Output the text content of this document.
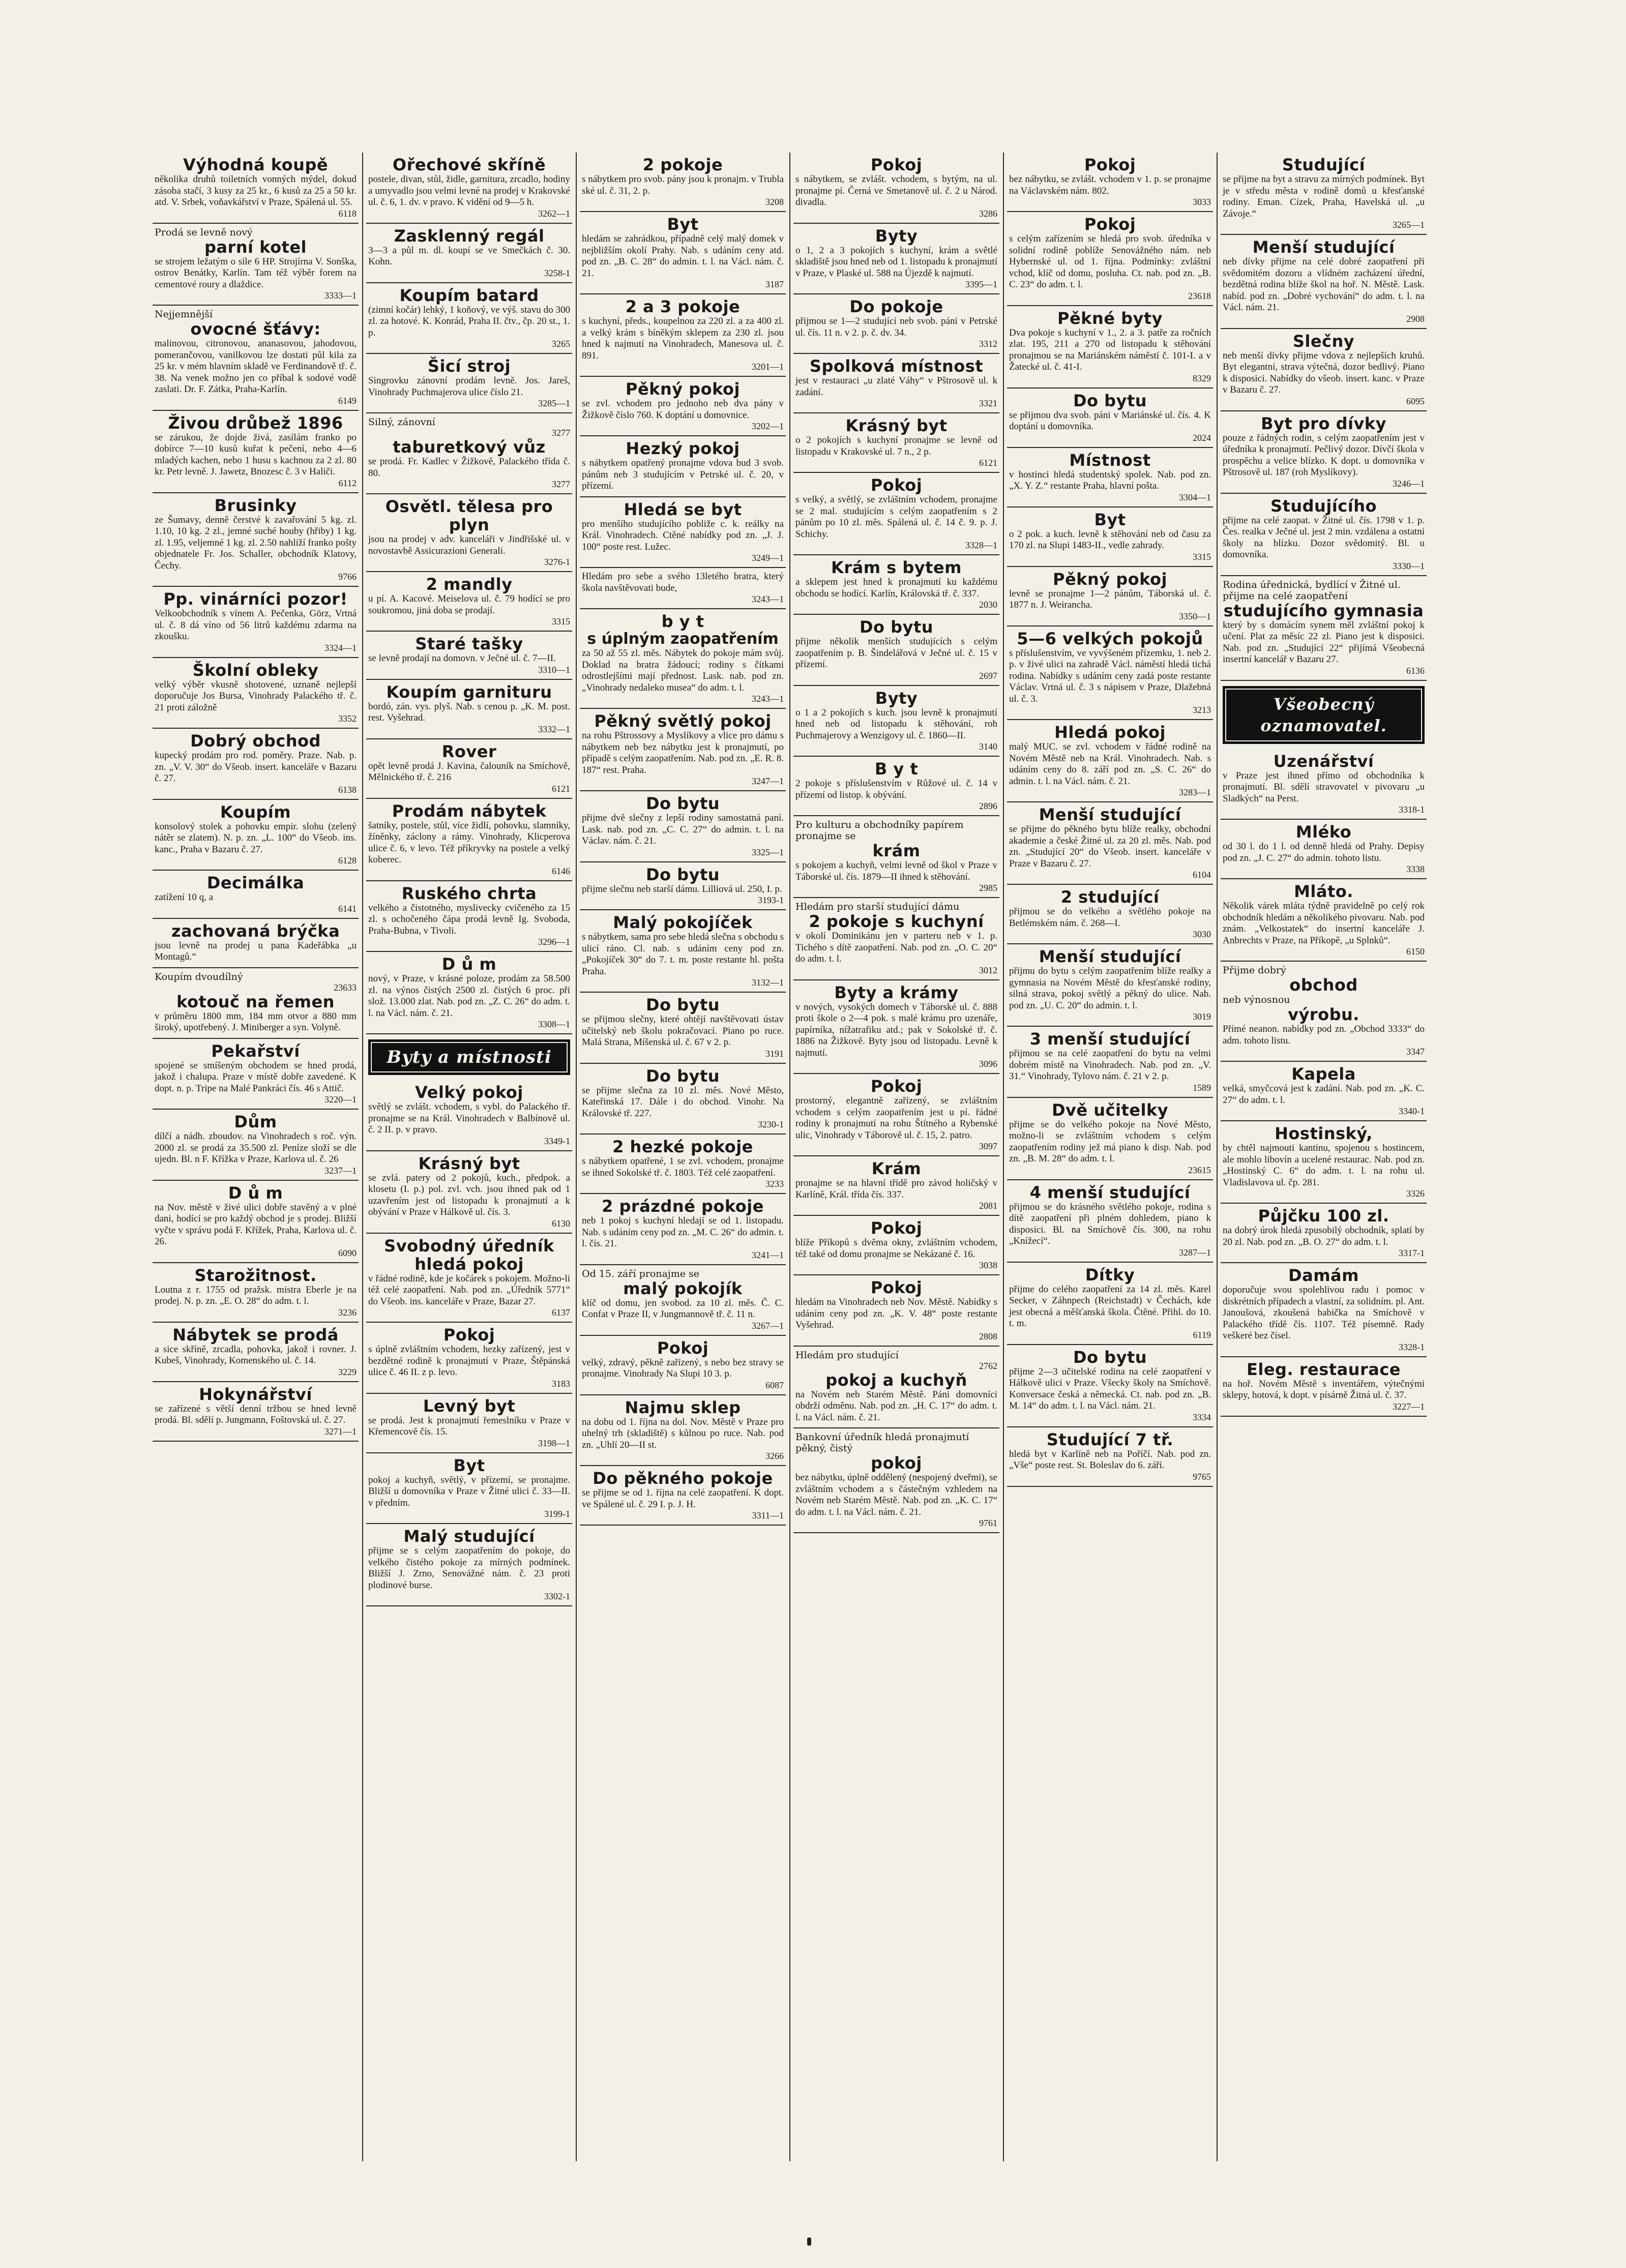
Výhodná koupě
několika druhů toiletních vonných mýdel, dokud zásoba stačí, 3 kusy za 25 kr., 6 kusů za 25 a 50 kr. atd. V. Srbek, voňavkářství v Praze, Spálená ul. 55.
6118
Prodá se levně nový
parní kotel
se strojem ležatým o síle 6 HP. Strojírna V. Sonška, ostrov Benátky, Karlín. Tam též výběr forem na cementové roury a dlaždice.
3333—1
Nejjemnější
ovocné šťávy:
malinovou, citronovou, ananasovou, jahodovou, pomerančovou, vanilkovou lze dostati půl kila za 25 kr. v mém hlavním skladě ve Ferdinandově tř. č. 38. Na venek možno jen co příbal k sodové vodě zaslati. Dr. F. Zátka, Praha-Karlín.
6149
Živou drůbež 1896
se zárukou, že dojde živá, zasílám franko po dobírce 7—10 kusů kuřat k pečení, nebo 4—6 mladých kachen, nebo 1 husu s kachnou za 2 zl. 80 kr. Petr levně. J. Jawetz, Bnozesc č. 3 v Haliči.
6112
Brusinky
ze Šumavy, denně čerstvé k zavařování 5 kg. zl. 1.10, 10 kg. 2 zl., jemné suché houby (hřiby) 1 kg. zl. 1.95, veljemné 1 kg. zl. 2.50 nahlíží franko pošty objednatele Fr. Jos. Schaller, obchodník Klatovy, Čechy.
9766
Pp. vinárníci pozor!
Velkoobchodník s vínem A. Pečenka, Görz, Vrtná ul. č. 8 dá víno od 56 litrů každému zdarma na zkoušku.
3324—1
Školní obleky
velký výběr vkusně shotovené, uznaně nejlepší doporučuje Jos Bursa, Vinohrady Palackého tř. č. 21 proti záložně
3352
Dobrý obchod
kupecký prodám pro rod. poměry. Praze. Nab. p. zn. „V. V. 30“ do Všeob. insert. kanceláře v Bazaru č. 27.
6138
Koupím
konsolový stolek a pohovku empir. slohu (zelený nátěr se zlatem). N. p. zn. „L. 100“ do Všeob. ins. kanc., Praha v Bazaru č. 27.
6128
Decimálka
zatížení 10 q, a
6141
zachovaná brýčka
jsou levně na prodej u pana Kadeřábka „u Montagů.“
Koupím dvoudílný
23633
kotouč na řemen
v průměru 1800 mm, 184 mm otvor a 880 mm široký, upotřebený. J. Miniberger a syn. Volyně.
Pekařství
spojené se smíšeným obchodem se hned prodá, jakož i chalupa. Praze v místě dobře zavedené. K dopt. n. p. Tripe na Malé Pankráci čís. 46 s Attič.
3220—1
Dům
dílčí a nádh. zboudov. na Vinohradech s roč. výn. 2000 zl. se prodá za 35.500 zl. Peníze složí se dle ujedn. Bl. n F. Křížka v Praze, Karlova ul. č. 26
3237—1
D ů m
na Nov. městě v živé ulici dobře stavěný a v plné dani, hodící se pro každý obchod je s prodej. Bližší vyčte v správu podá F. Křížek, Praha, Karlova ul. č. 26.
6090
Starožitnost.
Loutna z r. 1755 od pražsk. mistra Eberle je na prodej. N. p. zn. „E. O. 28“ do adm. t. l.
3236
Nábytek se prodá
a sice skříně, zrcadla, pohovka, jakož i rovner. J. Kubeš, Vinohrady, Komenského ul. č. 14.
3229
Hokynářství
se zařízené s větší denní tržbou se hned levně prodá. Bl. sdělí p. Jungmann, Foštovská ul. č. 27.
3271—1
Ořechové skříně
postele, divan, stůl, židle, garnitura, zrcadlo, hodiny a umyvadlo jsou velmi levné na prodej v Krakovské ul. č. 6, 1. dv. v pravo. K vidění od 9—5 h.
3262—1
Zasklenný regál
3—3 a půl m. dl. koupí se ve Smečkách č. 30. Kohn.
3258-1
Koupím batard
(zimní kočár) lehký, 1 koňový, ve výš. stavu do 300 zl. za hotové. K. Konrád, Praha II. čtv., čp. 20 st., 1. p.
3265
Šicí stroj
Singrovku zánovní prodám levně. Jos. Jareš, Vinohrady Puchmajerova ulice číslo 21.
3285—1
Silný, zánovní
3277
taburetkový vůz
se prodá. Fr. Kadlec v Žižkově, Palackého třída č. 80.
3277
Osvětl. tělesa pro plyn
jsou na prodej v adv. kanceláři v Jindřišské ul. v novostavbě Assicurazioni Generali.
3276-1
2 mandly
u pí. A. Kacové. Meiselova ul. č. 79 hodící se pro soukromou, jiná doba se prodají.
3315
Staré tašky
se levně prodají na domovn. v Ječné ul. č. 7—II.
3310—1
Koupím garnituru
bordó, zán. vys. plyš. Nab. s cenou p. „K. M. post. rest. Vyšehrad.
3332—1
Rover
opět levně prodá J. Kavina, čalouník na Smíchově, Mělnického tř. č. 216
6121
Prodám nábytek
šatníky, postele, stůl, více židlí, pohovku, slamníky, žíněnky, záclony a rámy. Vinohrady, Klicperova ulice č. 6, v levo. Též příkryvky na postele a velký koberec.
6146
Ruského chrta
velkého a čistotného, myslivecky cvičeného za 15 zl. s ochočeného čápa prodá levně Ig. Svoboda, Praha-Bubna, v Tivoli.
3296—1
D ů m
nový, v Praze, v krásné poloze, prodám za 58.500 zl. na výnos čistých 2500 zl. čistých 6 proc. při slož. 13.000 zlat. Nab. pod zn. „Z. C. 26“ do adm. t. l. na Václ. nám. č. 21.
3308—1
Byty a místnosti
Velký pokoj
světlý se zvlášt. vchodem, s vybl. do Palackého tř. pronajme se na Král. Vinohradech v Balbínově ul. č. 2 II. p. v pravo.
3349-1
Krásný byt
se zvlá. patery od 2 pokojů, kuch., předpok. a klosetu (I. p.) pol. zvl. vch. jsou ihned pak od 1 uzavřením jest od listopadu k pronajmutí a k obývání v Praze v Hálkově ul. čís. 3.
6130
Svobodný úředník hledá pokoj
v řádné rodině, kde je kočárek s pokojem. Možno-li též celé zaopatření. Nab. pod zn. „Úředník 5771“ do Všeob. ins. kanceláře v Praze, Bazar 27.
6137
Pokoj
s úplně zvláštním vchodem, hezky zařízený, jest v bezdětné rodině k pronajmutí v Praze, Štěpánská ulice č. 46 II. z p. levo.
3183
Levný byt
se prodá. Jest k pronajmutí řemeslníku v Praze v Křemencově čís. 15.
3198—1
Byt
pokoj a kuchyň, světlý, v přízemí, se pronajme. Bližší u domovníka v Praze v Žitné ulici č. 33—II. v předním.
3199-1
Malý studující
přijme se s celým zaopatřením do pokoje, do velkého čistého pokoje za mírných podmínek. Bližší J. Zrno, Senovážné nám. č. 23 proti plodinové burse.
3302-1
2 pokoje
s nábytkem pro svob. pány jsou k pronajm. v Trubla ské ul. č. 31, 2. p.
3208
Byt
hledám se zahrádkou, případně celý malý domek v nejbližším okolí Prahy. Nab. s udáním ceny atd. pod zn. „B. C. 28“ do admin. t. l. na Václ. nám. č. 21.
3187
2 a 3 pokoje
s kuchyní, předs., koupelnou za 220 zl. a za 400 zl. a velký krám s bíněkým sklepem za 230 zl. jsou hned k najmutí na Vinohradech, Manesova ul. č. 891.
3201—1
Pěkný pokoj
se zvl. vchodem pro jednoho neb dva pány v Žižkově číslo 760. K doptání u domovnice.
3202—1
Hezký pokoj
s nábytkem opatřený pronajme vdova bud 3 svob. pánům neb 3 studujícím v Petrské ul. č. 20, v přízemí.
Hledá se byt
pro menšího studujícího pobliže c. k. reálky na Král. Vinohradech. Ctěné nabídky pod zn. „J. J. 100“ poste rest. Lužec.
3249—1
Hledám pro sebe a svého 13letého bratra, který škola navštěvovati bude,
3243—1
b y t
s úplným zaopatřením
za 50 až 55 zl. měs. Nábytek do pokoje mám svůj. Doklad na bratra žádoucí; rodiny s čítkami odrostlejšími mají přednost. Lask. nab. pod zn. „Vinohrady nedaleko musea“ do adm. t. l.
3243—1
Pěkný světlý pokoj
na rohu Pštrossovy a Myslíkovy a vlice pro dámu s nábytkem neb bez nábytku jest k pronajmutí, po případě s celým zaopatřením. Nab. pod zn. „E. R. 8. 187“ rest. Praha.
3247—1
Do bytu
přijme dvě slečny z lepší rodiny samostatná paní. Lask. nab. pod zn. „C. C. 27“ do admin. t. l. na Václav. nám. č. 21.
3325—1
Do bytu
přijme slečnu neb starší dámu. Lilliová ul. 250, I. p.
3193-1
Malý pokojíček
s nábytkem, sama pro sebe hledá slečna s obchodu s ulicí ráno. Cl. nab. s udáním ceny pod zn. „Pokojíček 30“ do 7. t. m. poste restante hl. pošta Praha.
3132—1
Do bytu
se přijmou slečny, které ohtějí navštěvovati ústav učitelský neb školu pokračovací. Piano po ruce. Malá Strana, Míšenská ul. č. 67 v 2. p.
3191
Do bytu
se přijme slečna za 10 zl. měs. Nové Město, Kateřinská 17. Dále i do obchod. Vinohr. Na Královské tř. 227.
3230-1
2 hezké pokoje
s nábytkem opatřené, 1 se zvl. vchodem, pronajme se ihned Sokolské tř. č. 1803. Též celé zaopatření.
3233
2 prázdné pokoje
neb 1 pokoj s kuchyní hledají se od 1. listopadu. Nab. s udáním ceny pod zn. „M. C. 26“ do admin. t. l. čís. 21.
3241—1
Od 15. září pronajme se
malý pokojík
klíč od domu, jen svobod. za 10 zl. měs. Č. C. Confat v Praze II, v Jungmannově tř. č. 11 n.
3267—1
Pokoj
velký, zdravý, pěkně zařízený, s nebo bez stravy se pronajme. Vinohrady Na Slupi 10 3. p.
6087
Najmu sklep
na dobu od 1. října na dol. Nov. Městě v Praze pro uhelný trh (skladiště) s kůlnou po ruce. Nab. pod zn. „Uhlí 20—II st.
3266
Do pěkného pokoje
se přijme se od 1. října na celé zaopatření. K dopt. ve Spálené ul. č. 29 I. p. J. H.
3311—1
Pokoj
s nábytkem, se zvlášt. vchodem, s bytým, na ul. pronajme pí. Černá ve Smetanově ul. č. 2 u Národ. divadla.
3286
Byty
o 1, 2 a 3 pokojích s kuchyní, krám a světlé skladiště jsou hned neb od 1. listopadu k pronajmutí v Praze, v Plaské ul. 588 na Újezdě k najmutí.
3395—1
Do pokoje
přijmou se 1—2 studující neb svob. páni v Petrské ul. čís. 11 n. v 2. p. č. dv. 34.
3312
Spolková místnost
jest v restauraci „u zlaté Váhy“ v Pštrosově ul. k zadání.
3321
Krásný byt
o 2 pokojích s kuchyní pronajme se levně od listopadu v Krakovské ul. 7 n., 2 p.
6121
Pokoj
s velký, a světlý, se zvláštním vchodem, pronajme se 2 mal. studujícím s celým zaopatřením s 2 pánům po 10 zl. měs. Spálená ul. č. 14 č. 9. p. J. Schichy.
3328—1
Krám s bytem
a sklepem jest hned k pronajmutí ku každému obchodu se hodící. Karlín, Královská tř. č. 337.
2030
Do bytu
přijme několik menších studujících s celým zaopatřením p. B. Šindelářová v Ječné ul. č. 15 v přízemí.
2697
Byty
o 1 a 2 pokojích s kuch. jsou levně k pronajmutí hned neb od listopadu k stěhování, roh Puchmajerovy a Wenzigovy ul. č. 1860—II.
3140
B y t
2 pokoje s příslušenstvím v Růžové ul. č. 14 v přízemí od listop. k obývání.
2896
Pro kulturu a obchodníky papírem pronajme se
krám
s pokojem a kuchyň, velmi levně od škol v Praze v Táborské ul. čís. 1879—II ihned k stěhování.
2985
Hledám pro starší studující dámu
2 pokoje s kuchyní
v okolí Dominikánu jen v parteru neb v 1. p. Tichého s dítě zaopatření. Nab. pod zn. „O. C. 20“ do adm. t. l.
3012
Byty a krámy
v nových, vysokých domech v Táborské ul. č. 888 proti škole o 2—4 pok. s malé krámu pro uzenáře, papírníka, nížatrafiku atd.; pak v Sokolské tř. č. 1886 na Žižkově. Byty jsou od listopadu. Levně k najmutí.
3096
Pokoj
prostorný, elegantně zařízený, se zvláštním vchodem s celým zaopatřením jest u pí. řádné rodiny k pronajmutí na rohu Štítného a Rybenské ulic, Vinohrady v Táborově ul. č. 15, 2. patro.
3097
Krám
pronajme se na hlavní třídě pro závod holičský v Karlíně, Král. třída čís. 337.
2081
Pokoj
blíže Příkopů s dvěma okny, zvláštním vchodem, též také od domu pronajme se Nekázané č. 16.
3038
Pokoj
hledám na Vinohradech neb Nov. Městě. Nabídky s udáním ceny pod zn. „K. V. 48“ poste restante Vyšehrad.
2808
Hledám pro studující
2762
pokoj a kuchyň
na Novém neb Starém Městě. Páni domovníci obdrží odměnu. Nab. pod zn. „H. C. 17“ do adm. t. l. na Václ. nám. č. 21.
Bankovní úředník hledá pronajmutí pěkný, čistý
pokoj
bez nábytku, úplně oddělený (nespojený dveřmi), se zvláštním vchodem a s částečným vzhledem na Novém neb Starém Městě. Nab. pod zn. „K. C. 17“ do adm. t. l. na Václ. nám. č. 21.
9761
Pokoj
bez nábytku, se zvlášt. vchodem v 1. p. se pronajme na Václavském nám. 802.
3033
Pokoj
s celým zařízením se hledá pro svob. úředníka v solidní rodině poblíže Senovážného nám. neb Hybernské ul. od 1. října. Podmínky: zvláštní vchod, klíč od domu, posluha. Ct. nab. pod zn. „B. C. 23“ do adm. t. l.
23618
Pěkné byty
Dva pokoje s kuchyní v 1., 2. a 3. patře za ročních zlat. 195, 211 a 270 od listopadu k stěhování pronajmou se na Mariánském náměstí č. 101-I. a v Žatecké ul. č. 41-I.
8329
Do bytu
se přijmou dva svob. páni v Mariánské ul. čís. 4. K doptání u domovníka.
2024
Místnost
v hostinci hledá studentský spolek. Nab. pod zn. „X. Y. Z.“ restante Praha, hlavní pošta.
3304—1
Byt
o 2 pok. a kuch. levně k stěhování neb od času za 170 zl. na Slupi 1483-II., vedle zahrady.
3315
Pěkný pokoj
levně se pronajme 1—2 pánům, Táborská ul. č. 1877 n. J. Weirancha.
3350—1
5—6 velkých pokojů
s příslušenstvím, ve vyvýšeném přízemku, 1. neb 2. p. v živé ulici na zahradě Václ. náměstí hledá tichá rodina. Nabídky s udáním ceny zadá poste restante Václav. Vrtná ul. č. 3 s nápisem v Praze, Dlažebná ul. č. 3.
3213
Hledá pokoj
malý MUC. se zvl. vchodem v řádné rodině na Novém Městě neb na Král. Vinohradech. Nab. s udáním ceny do 8. září pod zn. „S. C. 26“ do admin. t. l. na Václ. nám. č. 21.
3283—1
Menší studující
se přijme do pěkného bytu blíže realky, obchodní akademie a české Žitné ul. za 20 zl. měs. Nab. pod zn. „Studující 20“ do Všeob. insert. kanceláře v Praze v Bazaru č. 27.
6104
2 studující
přijmou se do velkého a světlého pokoje na Betlémském nám. č. 268—I.
3030
Menší studující
přijmu do bytu s celým zaopatřením blíže realky a gymnasia na Novém Městě do křesťanské rodiny, silná strava, pokoj světlý a pěkný do ulice. Nab. pod zn. „U. C. 20“ do admin. t. l.
3019
3 menší studující
přijmou se na celé zaopatření do bytu na velmi dobrém místě na Vinohradech. Nab. pod zn. „V. 31.“ Vinohrady, Tylovo nám. č. 21 v 2. p.
1589
Dvě učitelky
přijme se do velkého pokoje na Nové Město, možno-li se zvláštním vchodem s celým zaopatřením rodiny jež má piano k disp. Nab. pod zn. „B. M. 28“ do adm. t. l.
23615
4 menší studující
přijmou se do krásného světlého pokoje, rodina s dítě zaopatření při plném dohledem, piano k disposici. Bl. na Smíchově čís. 300, na rohu „Knížecí“.
3287—1
Dítky
přijme do celého zaopatření za 14 zl. měs. Karel Secker, v Záhnpech (Reichstadt) v Čechách, kde jest obecná a měšťanská škola. Čtěné. Přihl. do 10. t. m.
6119
Do bytu
přijme 2—3 učitelské rodina na celé zaopatření v Hálkově ulici v Praze. Všecky školy na Smíchově. Konversace česká a německá. Ct. nab. pod zn. „B. M. 14“ do adm. t. l. na Václ. nám. 21.
3334
Studující 7 tř.
hledá byt v Karlíně neb na Poříčí. Nab. pod zn. „Vše“ poste rest. St. Boleslav do 6. září.
9765
Studující
se přijme na byt a stravu za mírných podmínek. Byt je v středu města v rodině domů u křesťanské rodiny. Eman. Cízek, Praha, Havelská ul. „u Závoje.“
3265—1
Menší studující
neb dívky přijme na celé dobré zaopatření při svědomitém dozoru a vlídném zacházení úřední, bezdětná rodina blíže škol na hoř. N. Městě. Lask. nabíd. pod zn. „Dobré vychování“ do adm. t. l. na Václ. nám. 21.
2908
Slečny
neb menší dívky přijme vdova z nejlepších kruhů. Byt elegantní, strava výtečná, dozor bedlivý. Piano k disposici. Nabídky do všeob. insert. kanc. v Praze v Bazaru č. 27.
6095
Byt pro dívky
pouze z řádných rodin, s celým zaopatřením jest v úředníka k pronajmutí. Pečlivý dozor. Dívčí škola v prospěchu a velice blízko. K dopt. u domovníka v Pštrosově ul. 187 (roh Myslíkovy).
3246—1
Studujícího
přijme na celé zaopat. v Žitné ul. čís. 1798 v 1. p. Čes. realka v Ječné ul. jest 2 min. vzdálena a ostatní školy na blízku. Dozor svědomitý. Bl. u domovníka.
3330—1
Rodina úřednická, bydlící v Žitné ul. přijme na celé zaopatření
studujícího gymnasia
který by s domácím synem měl zvláštní pokoj k učení. Plat za měsíc 22 zl. Piano jest k disposici. Nab. pod zn. „Studující 22“ přijímá Všeobecná insertní kancelář v Bazaru 27.
6136
Všeobecný oznamovatel.
Uzenářství
v Praze jest ihned přímo od obchodníka k pronajmutí. Bl. sdělí stravovatel v pivovaru „u Sladkých“ na Perst.
3318-1
Mléko
od 30 l. do 1 l. od denně hledá od Prahy. Depisy pod zn. „J. C. 27“ do admin. tohoto listu.
3338
Mláto.
Několik várek mláta týdně pravidelně po celý rok obchodník hledám a několikého pivovaru. Nab. pod znám. „Velkostatek“ do insertní kanceláře J. Anbrechts v Praze, na Příkopě, „u Splnků“.
6150
Přijme dobrý
obchod
neb výnosnou
výrobu.
Přímé neanon. nabídky pod zn. „Obchod 3333“ do adm. tohoto listu.
3347
Kapela
velká, smyčcová jest k zadání. Nab. pod zn. „K. C. 27“ do adm. t. l.
3340-1
Hostinský,
by chtěl najmouti kantinu, spojenou s hostincem, ale mohlo libovín a ucelené restaurac. Nab. pod zn. „Hostinský C. 6“ do adm. t. l. na rohu ul. Vladislavova ul. čp. 281.
3326
Půjčku 100 zl.
na dobrý úrok hledá zpusobilý obchodník, splatí by 20 zl. Nab. pod zn. „B. O. 27“ do adm. t. l.
3317-1
Damám
doporučuje svou spolehlivou radu i pomoc v diskrétních případech a vlastní, za solidním. pl. Ant. Janoušová, zkoušená babička na Smíchově v Palackého třídě čís. 1107. Též písemně. Rady veškeré bez čísel.
3328-1
Eleg. restaurace
na hoř. Novém Městě s inventářem, výtečnými sklepy, hotová, k dopt. v písárně Žitná ul. č. 37.
3227—1
